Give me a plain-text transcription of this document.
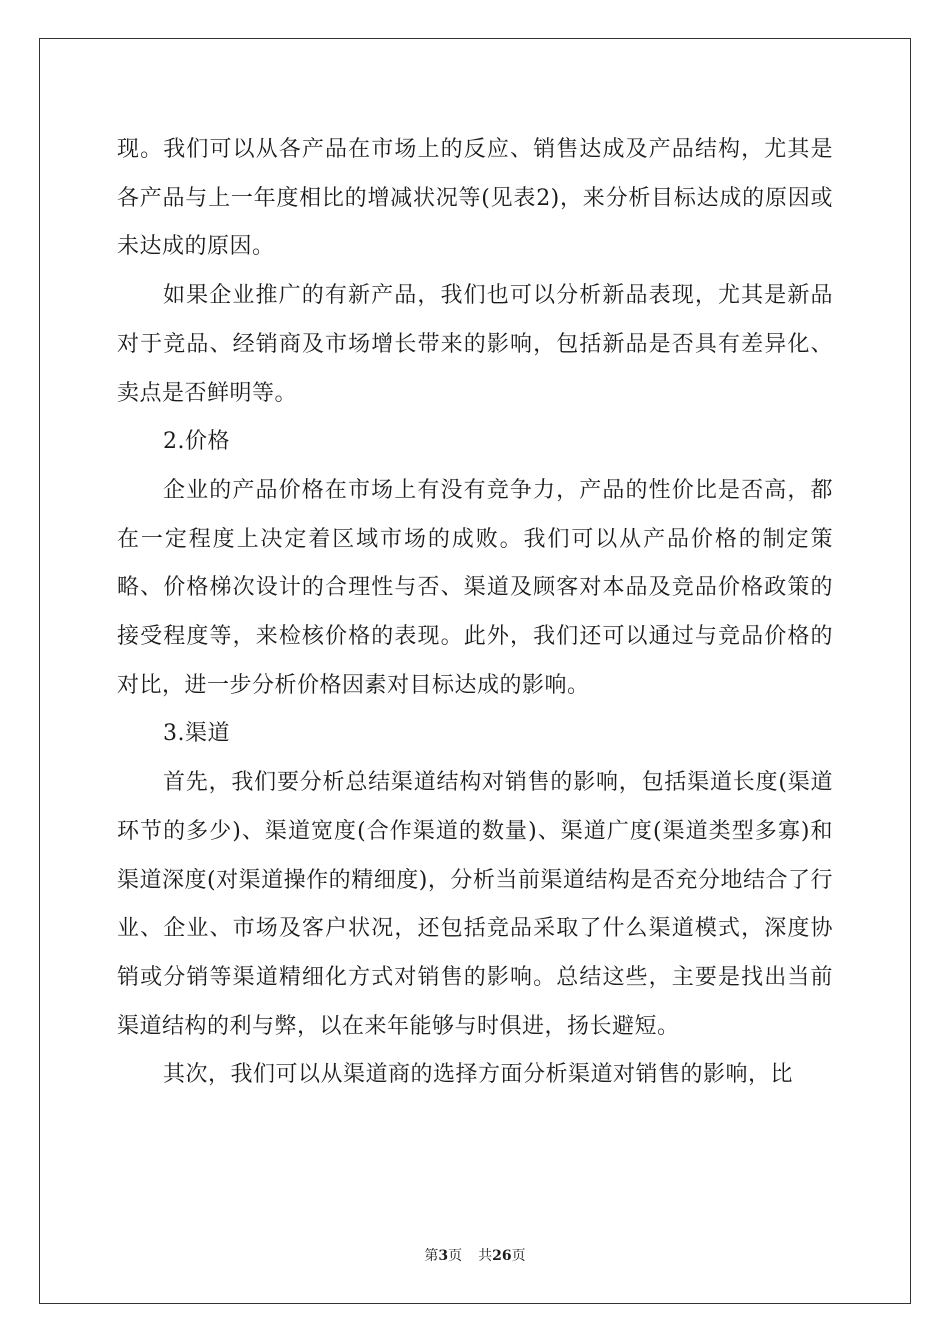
现。我们可以从各产品在市场上的反应、销售达成及产品结构，尤其是各产品与上一年度相比的增减状况等(见表2)，来分析目标达成的原因或未达成的原因。

如果企业推广的有新产品，我们也可以分析新品表现，尤其是新品对于竞品、经销商及市场增长带来的影响，包括新品是否具有差异化、卖点是否鲜明等。

2.价格

企业的产品价格在市场上有没有竞争力，产品的性价比是否高，都在一定程度上决定着区域市场的成败。我们可以从产品价格的制定策略、价格梯次设计的合理性与否、渠道及顾客对本品及竞品价格政策的接受程度等，来检核价格的表现。此外，我们还可以通过与竞品价格的对比，进一步分析价格因素对目标达成的影响。

3.渠道

首先，我们要分析总结渠道结构对销售的影响，包括渠道长度(渠道环节的多少)、渠道宽度(合作渠道的数量)、渠道广度(渠道类型多寡)和渠道深度(对渠道操作的精细度)，分析当前渠道结构是否充分地结合了行业、企业、市场及客户状况，还包括竞品采取了什么渠道模式，深度协销或分销等渠道精细化方式对销售的影响。总结这些，主要是找出当前渠道结构的利与弊，以在来年能够与时俱进，扬长避短。

其次，我们可以从渠道商的选择方面分析渠道对销售的影响，比

第3页 共26页
